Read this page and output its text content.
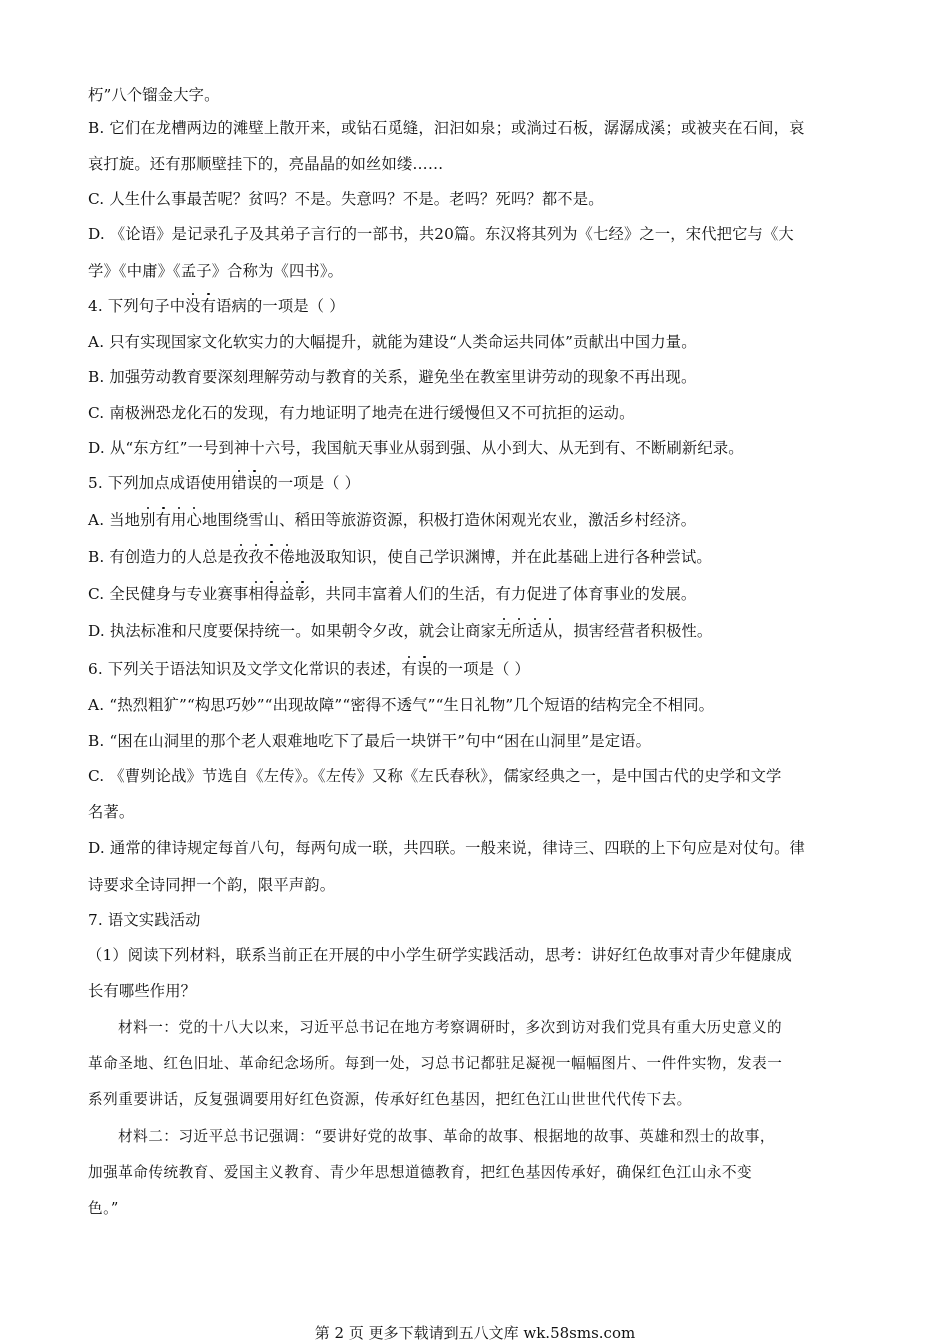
朽”八个镏金大字。

B. 它们在龙槽两边的滩壁上散开来，或钻石觅缝，汩汩如泉；或淌过石板，潺潺成溪；或被夹在石间，哀

哀打旋。还有那顺壁挂下的，亮晶晶的如丝如缕……

C. 人生什么事最苦呢？贫吗？不是。失意吗？不是。老吗？死吗？都不是。

D. 《论语》是记录孔子及其弟子言行的一部书，共20篇。东汉将其列为《七经》之一，宋代把它与《大

学》《中庸》《孟子》合称为《四书》。

4. 下列句子中没有语病的一项是（ ）

A. 只有实现国家文化软实力的大幅提升，就能为建设“人类命运共同体”贡献出中国力量。

B. 加强劳动教育要深刻理解劳动与教育的关系，避免坐在教室里讲劳动的现象不再出现。

C. 南极洲恐龙化石的发现，有力地证明了地壳在进行缓慢但又不可抗拒的运动。

D. 从“东方红”一号到神十六号，我国航天事业从弱到强、从小到大、从无到有、不断刷新纪录。

5. 下列加点成语使用错误的一项是（ ）

A. 当地别有用心地围绕雪山、稻田等旅游资源，积极打造休闲观光农业，激活乡村经济。

B. 有创造力的人总是孜孜不倦地汲取知识，使自己学识渊博，并在此基础上进行各种尝试。

C. 全民健身与专业赛事相得益彰，共同丰富着人们的生活，有力促进了体育事业的发展。

D. 执法标准和尺度要保持统一。如果朝令夕改，就会让商家无所适从，损害经营者积极性。

6. 下列关于语法知识及文学文化常识的表述，有误的一项是（ ）

A. “热烈粗犷”“构思巧妙”“出现故障”“密得不透气”“生日礼物”几个短语的结构完全不相同。

B. “困在山洞里的那个老人艰难地吃下了最后一块饼干”句中“困在山洞里”是定语。

C. 《曹刿论战》节选自《左传》。《左传》又称《左氏春秋》，儒家经典之一，是中国古代的史学和文学

名著。

D. 通常的律诗规定每首八句，每两句成一联，共四联。一般来说，律诗三、四联的上下句应是对仗句。律

诗要求全诗同押一个韵，限平声韵。

7. 语文实践活动

（1）阅读下列材料，联系当前正在开展的中小学生研学实践活动，思考：讲好红色故事对青少年健康成

长有哪些作用？

材料一：党的十八大以来，习近平总书记在地方考察调研时，多次到访对我们党具有重大历史意义的

革命圣地、红色旧址、革命纪念场所。每到一处，习总书记都驻足凝视一幅幅图片、一件件实物，发表一

系列重要讲话，反复强调要用好红色资源，传承好红色基因，把红色江山世世代代传下去。

材料二：习近平总书记强调：“要讲好党的故事、革命的故事、根据地的故事、英雄和烈士的故事，

加强革命传统教育、爱国主义教育、青少年思想道德教育，把红色基因传承好，确保红色江山永不变

色。”

第 2 页 更多下载请到五八文库 wk.58sms.com
